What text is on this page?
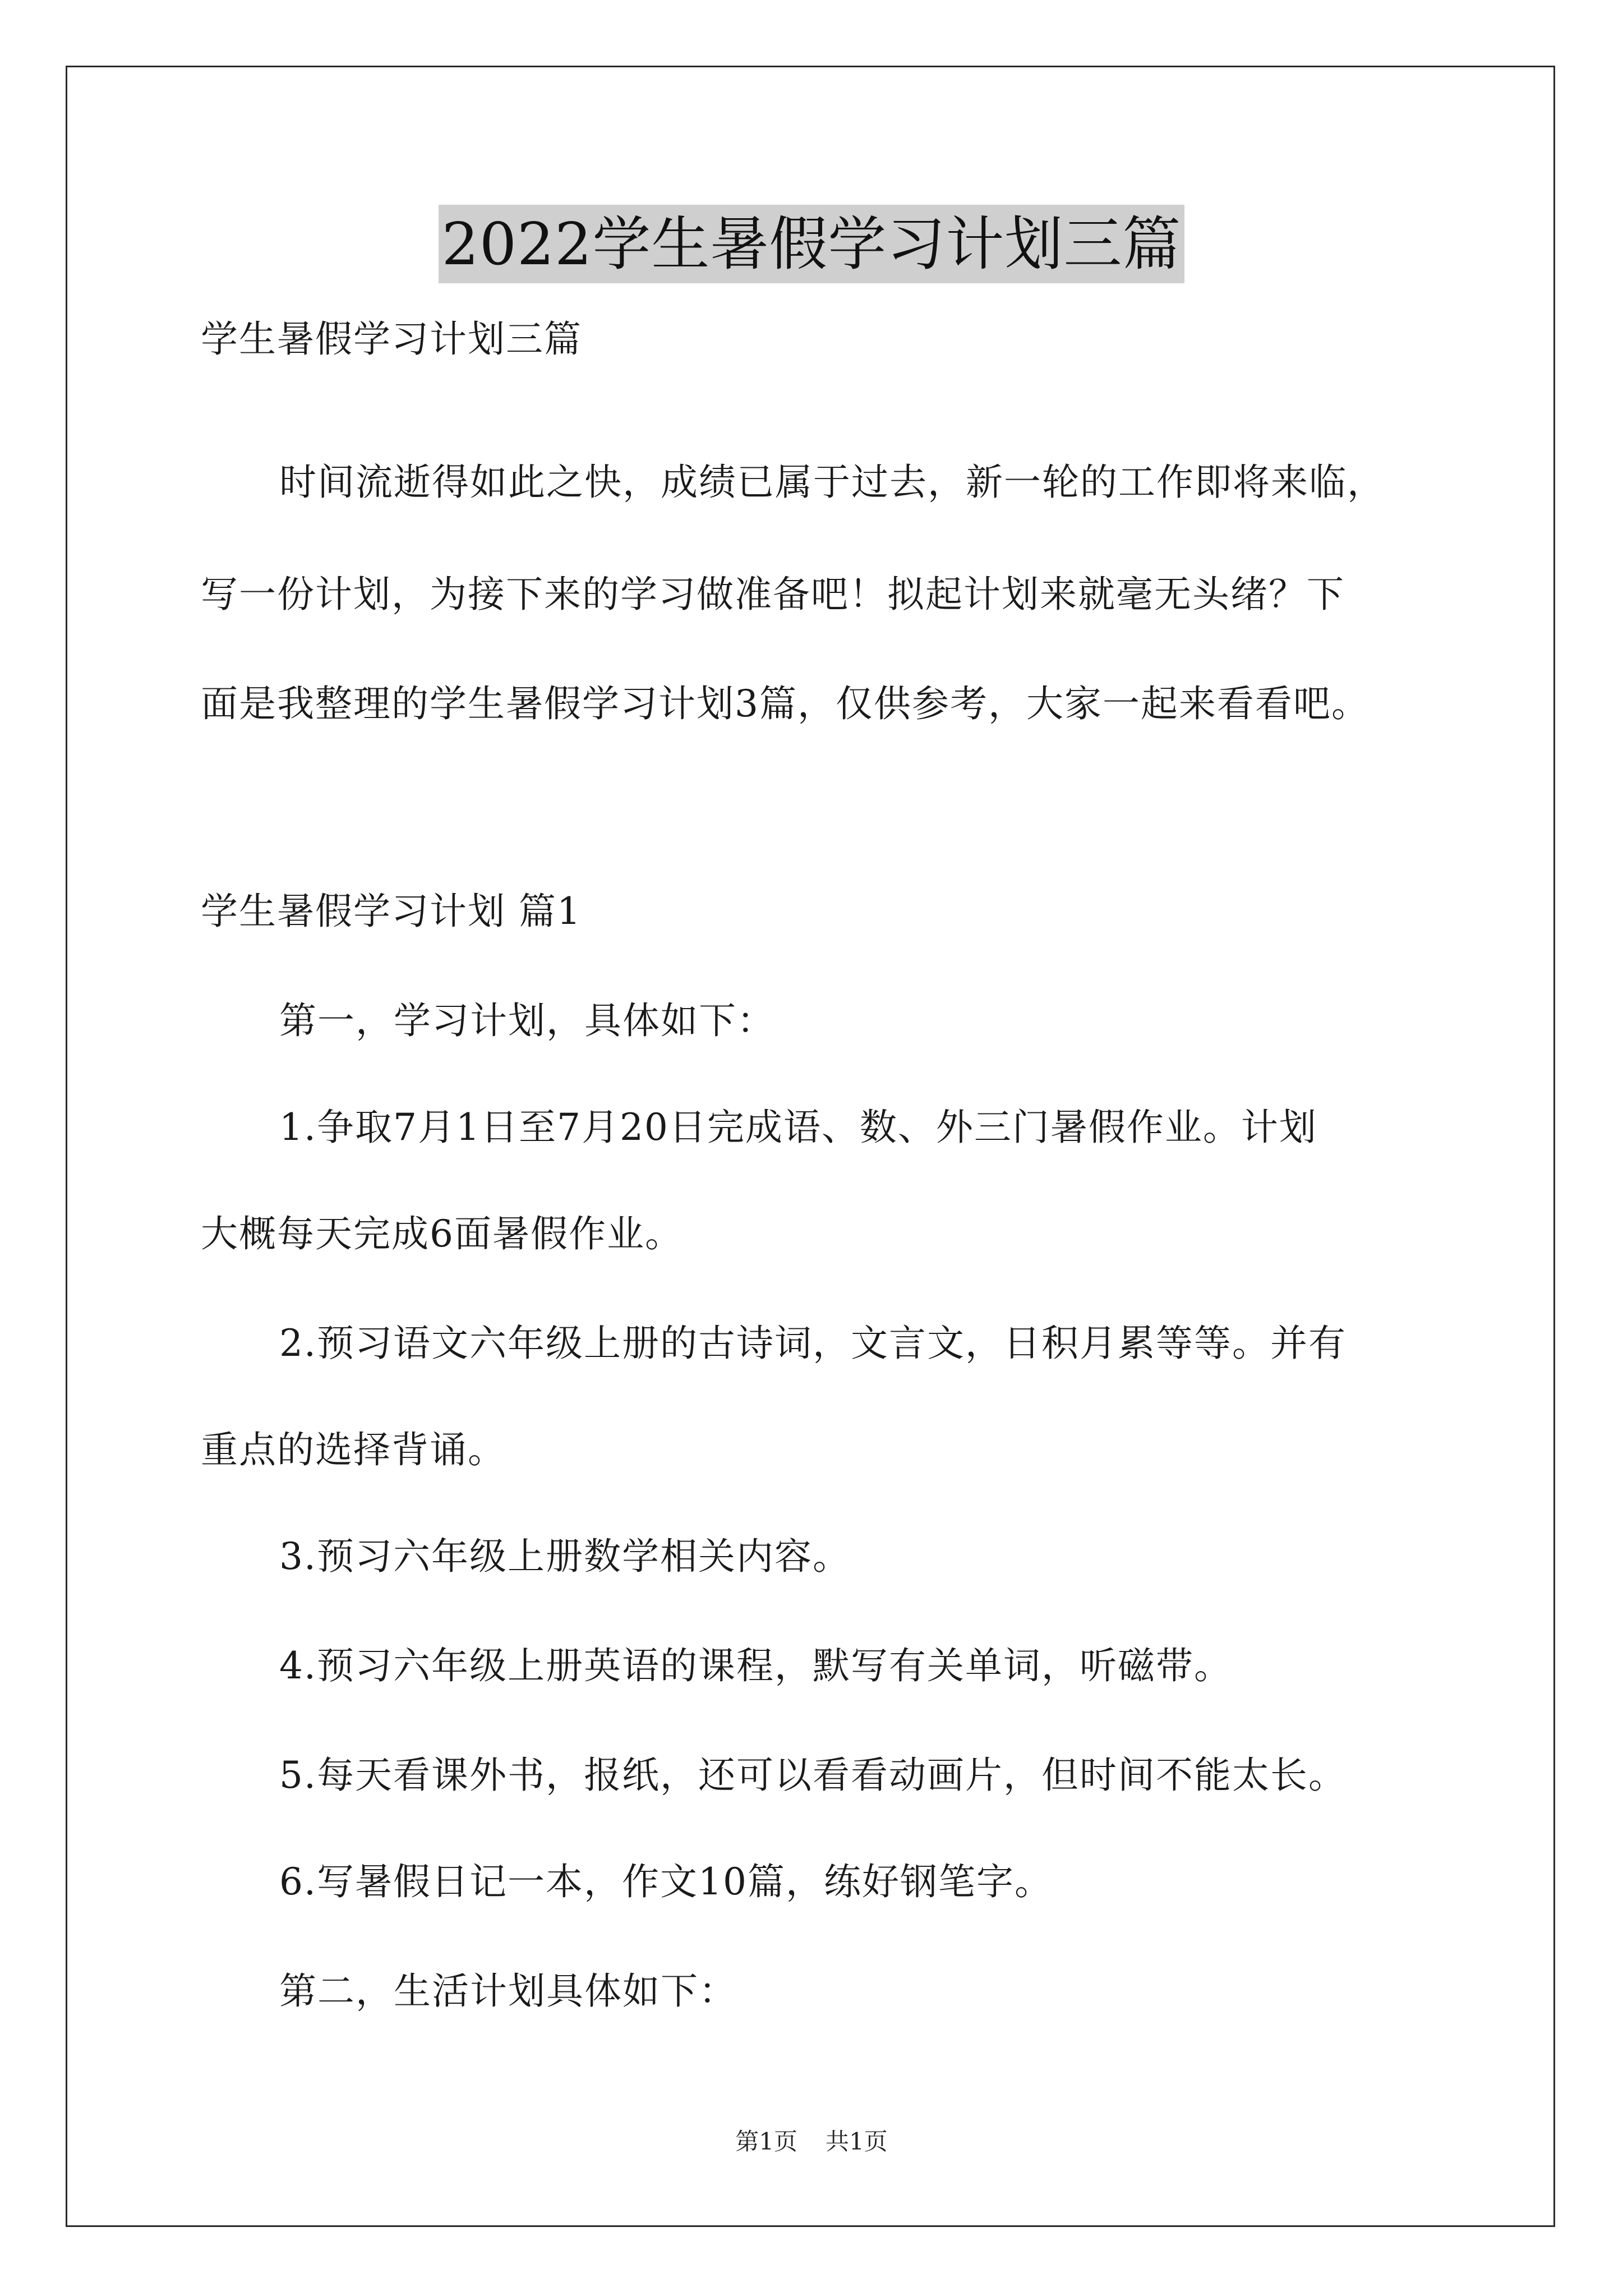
2022学生暑假学习计划三篇
学生暑假学习计划三篇
时间流逝得如此之快，成绩已属于过去，新一轮的工作即将来临，
写一份计划，为接下来的学习做准备吧！拟起计划来就毫无头绪？下
面是我整理的学生暑假学习计划3篇，仅供参考，大家一起来看看吧。
学生暑假学习计划 篇1
第一，学习计划，具体如下：
1.争取7月1日至7月20日完成语、数、外三门暑假作业。计划
大概每天完成6面暑假作业。
2.预习语文六年级上册的古诗词，文言文，日积月累等等。并有
重点的选择背诵。
3.预习六年级上册数学相关内容。
4.预习六年级上册英语的课程，默写有关单词，听磁带。
5.每天看课外书，报纸，还可以看看动画片，但时间不能太长。
6.写暑假日记一本，作文10篇，练好钢笔字。
第二，生活计划具体如下：
第1页 共1页
